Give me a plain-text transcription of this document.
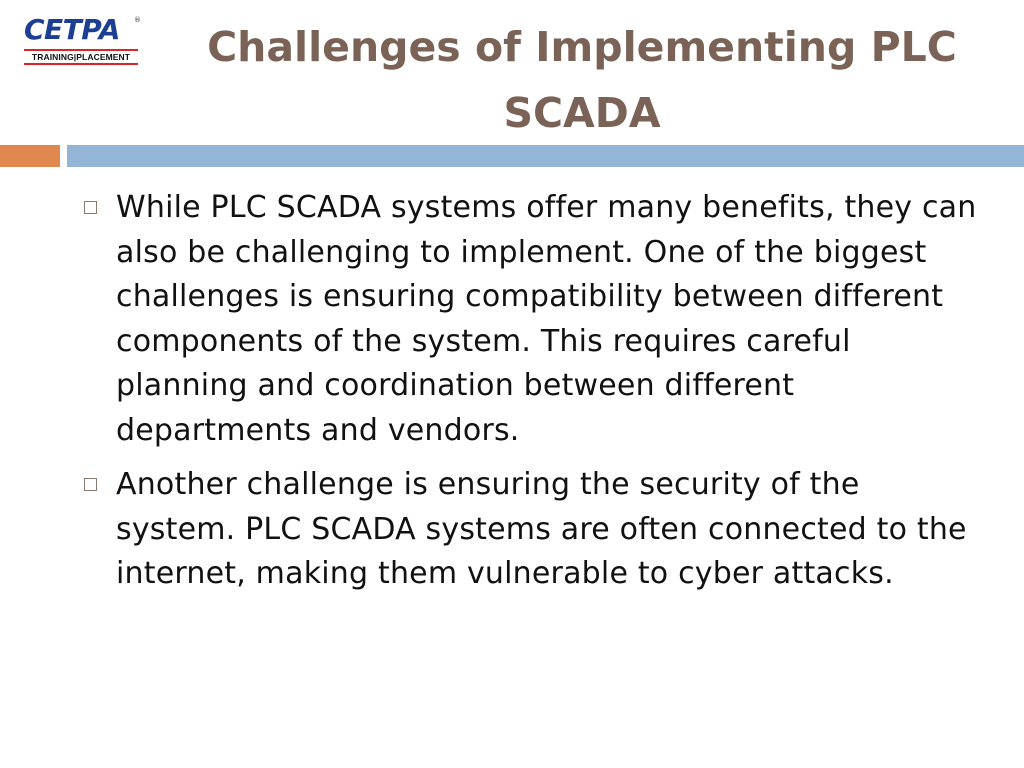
CETPA ®
TRAINING|PLACEMENT	Challenges of Implementing PLC SCADA
While PLC SCADA systems offer many benefits, they can also be challenging to implement. One of the biggest challenges is ensuring compatibility between different components of the system. This requires careful planning and coordination between different departments and vendors.
Another challenge is ensuring the security of the system. PLC SCADA systems are often connected to the internet, making them vulnerable to cyber attacks.
